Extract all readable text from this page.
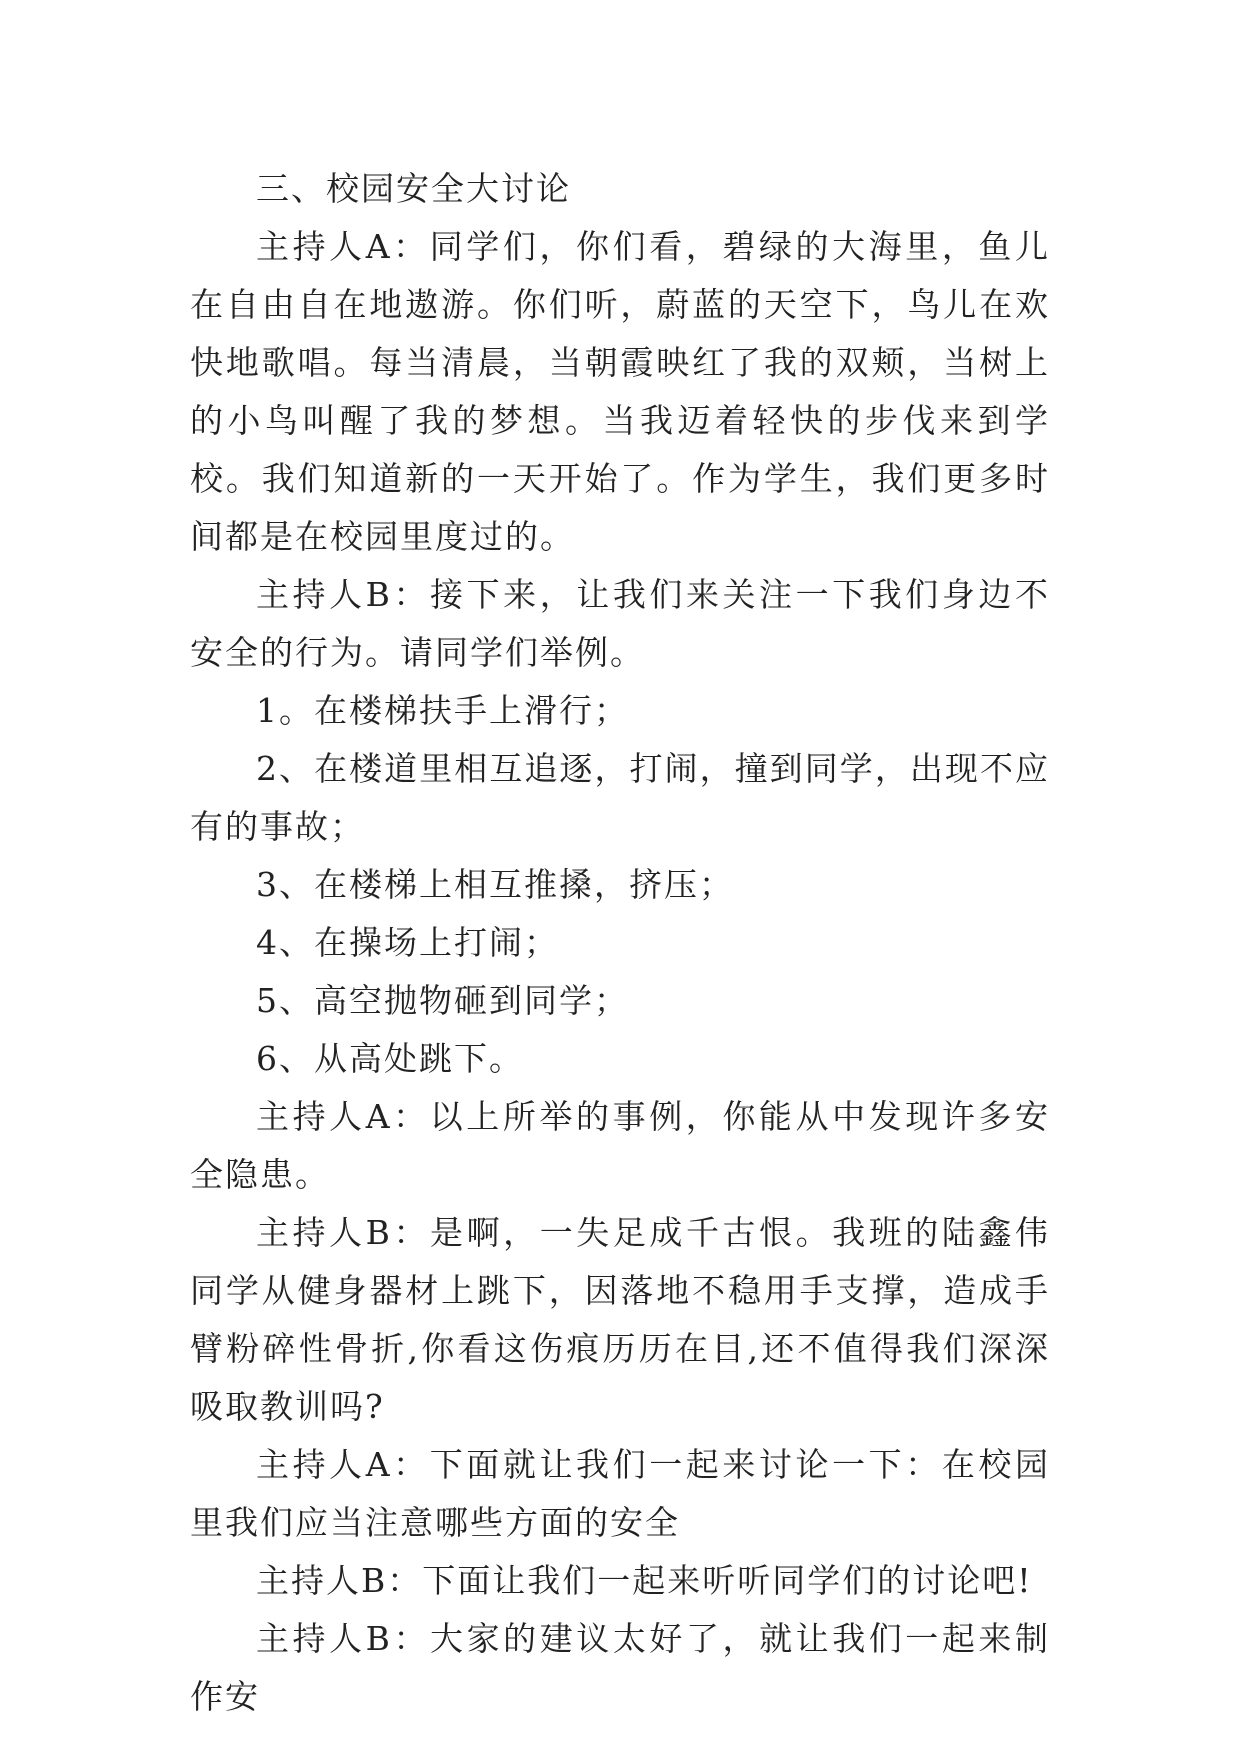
三、校园安全大讨论

主持人A：同学们，你们看，碧绿的大海里，鱼儿在自由自在地遨游。你们听，蔚蓝的天空下，鸟儿在欢快地歌唱。每当清晨，当朝霞映红了我的双颊，当树上的小鸟叫醒了我的梦想。当我迈着轻快的步伐来到学校。我们知道新的一天开始了。作为学生，我们更多时间都是在校园里度过的。

主持人B：接下来，让我们来关注一下我们身边不安全的行为。请同学们举例。

1。在楼梯扶手上滑行；

2、在楼道里相互追逐，打闹，撞到同学，出现不应有的事故；

3、在楼梯上相互推搡，挤压；

4、在操场上打闹；

5、高空抛物砸到同学；

6、从高处跳下。

主持人A：以上所举的事例，你能从中发现许多安全隐患。

主持人B：是啊，一失足成千古恨。我班的陆鑫伟同学从健身器材上跳下，因落地不稳用手支撑，造成手臂粉碎性骨折,你看这伤痕历历在目,还不值得我们深深吸取教训吗?

主持人A：下面就让我们一起来讨论一下：在校园里我们应当注意哪些方面的安全

主持人B：下面让我们一起来听听同学们的讨论吧!

主持人B：大家的建议太好了，就让我们一起来制作安
